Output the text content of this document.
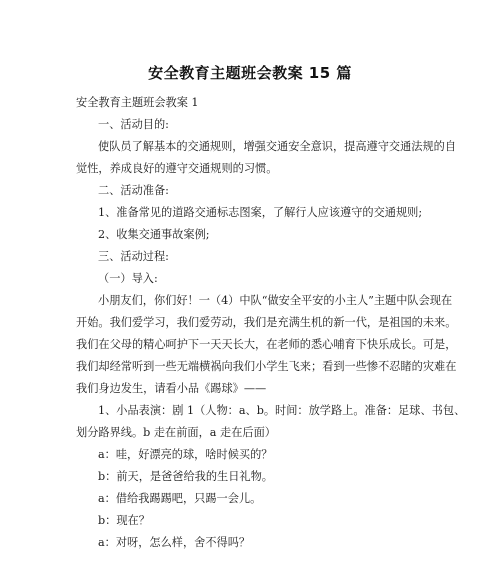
安全教育主题班会教案 15 篇
安全教育主题班会教案 1
一、活动目的:
使队员了解基本的交通规则，增强交通安全意识，提高遵守交通法规的自
觉性，养成良好的遵守交通规则的习惯。
二、活动准备:
1、准备常见的道路交通标志图案，了解行人应该遵守的交通规则;
2、收集交通事故案例;
三、活动过程:
（一）导入:
小朋友们，你们好！一（4）中队“做安全平安的小主人”主题中队会现在
开始。我们爱学习，我们爱劳动，我们是充满生机的新一代，是祖国的未来。
我们在父母的精心呵护下一天天长大，在老师的悉心哺育下快乐成长。可是，
我们却经常听到一些无端横祸向我们小学生飞来；看到一些惨不忍睹的灾难在
我们身边发生，请看小品《踢球》——
1、小品表演：剧 1（人物：a、b。时间：放学路上。准备：足球、书包、
划分路界线。b 走在前面，a 走在后面）
a：哇，好漂亮的球，啥时候买的？
b：前天，是爸爸给我的生日礼物。
a：借给我踢踢吧，只踢一会儿。
b：现在？
a：对呀，怎么样，舍不得吗？
